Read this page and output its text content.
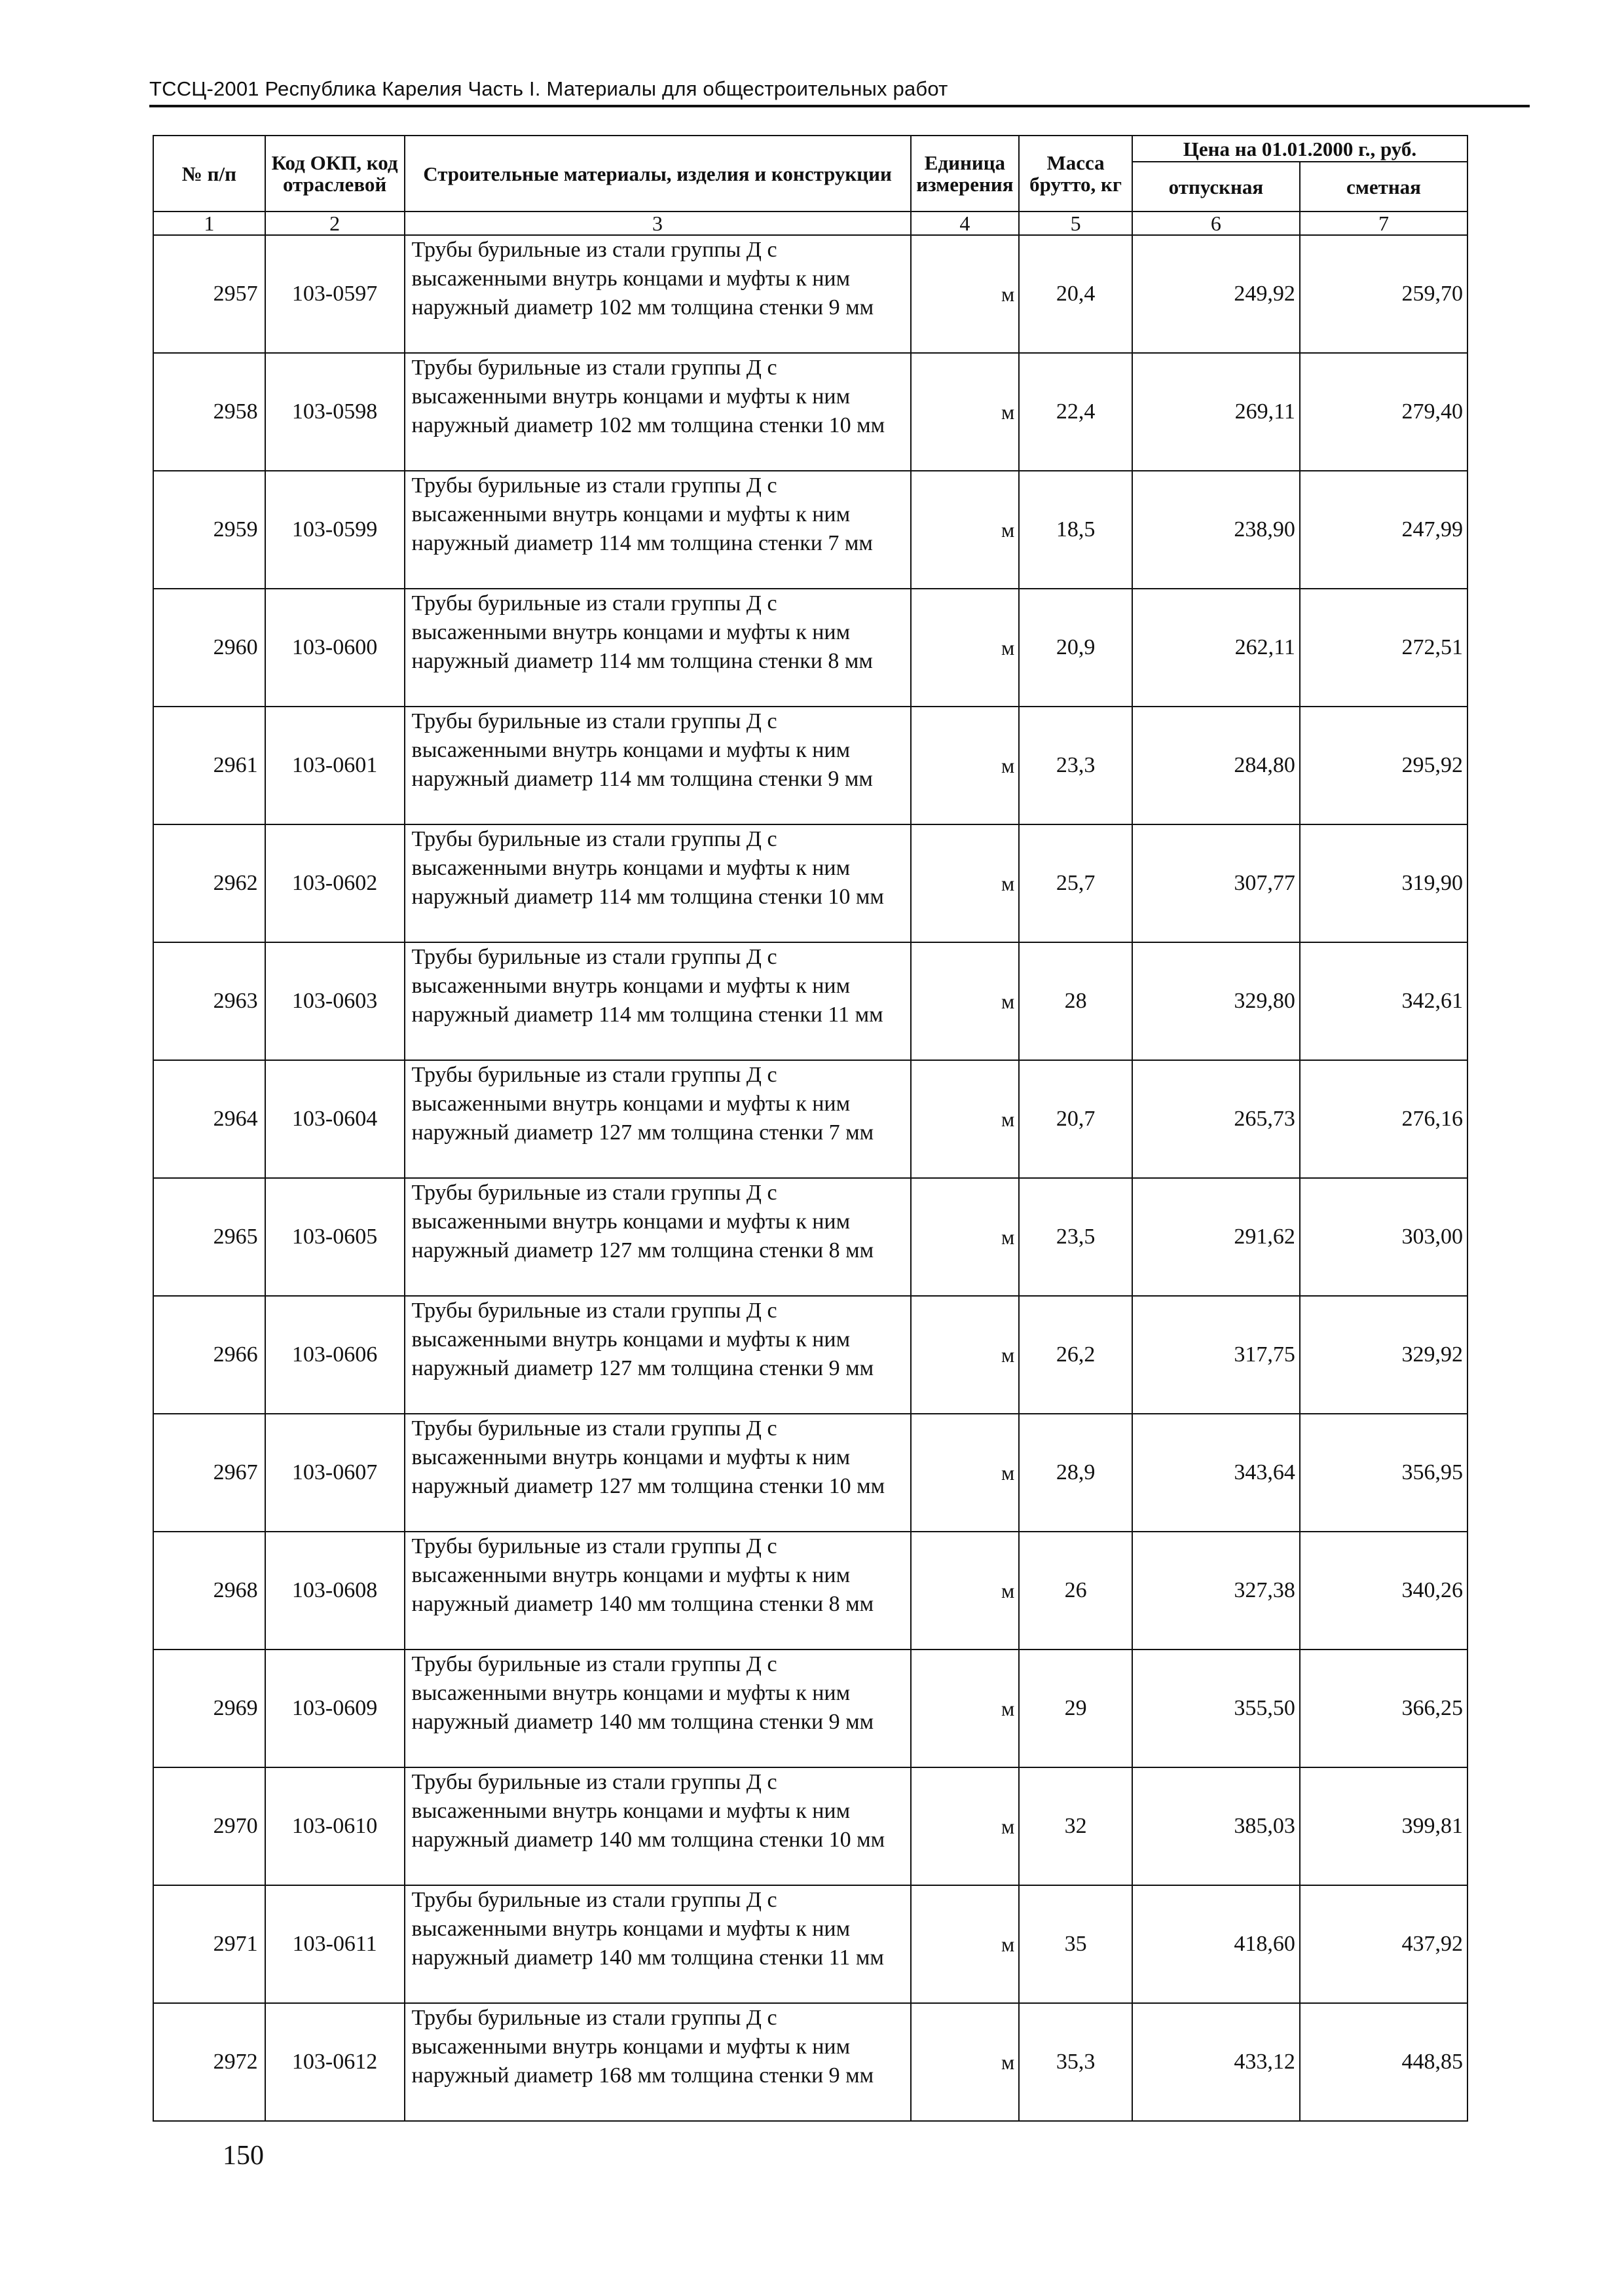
ТССЦ-2001 Республика Карелия Часть I. Материалы для общестроительных работ
№ п/п	Код ОКП, код отраслевой	Строительные материалы, изделия и конструкции	Единица измерения	Масса брутто, кг	Цена на 01.01.2000 г., руб.	
					отпускная	сметная
1	2	3	4	5	6	7
2957	103-0597	Трубы бурильные из стали группы Д с высаженными внутрь концами и муфты к ним наружный диаметр 102 мм толщина стенки 9 мм	м	20,4	249,92	259,70
2958	103-0598	Трубы бурильные из стали группы Д с высаженными внутрь концами и муфты к ним наружный диаметр 102 мм толщина стенки 10 мм	м	22,4	269,11	279,40
2959	103-0599	Трубы бурильные из стали группы Д с высаженными внутрь концами и муфты к ним наружный диаметр 114 мм толщина стенки 7 мм	м	18,5	238,90	247,99
2960	103-0600	Трубы бурильные из стали группы Д с высаженными внутрь концами и муфты к ним наружный диаметр 114 мм толщина стенки 8 мм	м	20,9	262,11	272,51
2961	103-0601	Трубы бурильные из стали группы Д с высаженными внутрь концами и муфты к ним наружный диаметр 114 мм толщина стенки 9 мм	м	23,3	284,80	295,92
2962	103-0602	Трубы бурильные из стали группы Д с высаженными внутрь концами и муфты к ним наружный диаметр 114 мм толщина стенки 10 мм	м	25,7	307,77	319,90
2963	103-0603	Трубы бурильные из стали группы Д с высаженными внутрь концами и муфты к ним наружный диаметр 114 мм толщина стенки 11 мм	м	28	329,80	342,61
2964	103-0604	Трубы бурильные из стали группы Д с высаженными внутрь концами и муфты к ним наружный диаметр 127 мм толщина стенки 7 мм	м	20,7	265,73	276,16
2965	103-0605	Трубы бурильные из стали группы Д с высаженными внутрь концами и муфты к ним наружный диаметр 127 мм толщина стенки 8 мм	м	23,5	291,62	303,00
2966	103-0606	Трубы бурильные из стали группы Д с высаженными внутрь концами и муфты к ним наружный диаметр 127 мм толщина стенки 9 мм	м	26,2	317,75	329,92
2967	103-0607	Трубы бурильные из стали группы Д с высаженными внутрь концами и муфты к ним наружный диаметр 127 мм толщина стенки 10 мм	м	28,9	343,64	356,95
2968	103-0608	Трубы бурильные из стали группы Д с высаженными внутрь концами и муфты к ним наружный диаметр 140 мм толщина стенки 8 мм	м	26	327,38	340,26
2969	103-0609	Трубы бурильные из стали группы Д с высаженными внутрь концами и муфты к ним наружный диаметр 140 мм толщина стенки 9 мм	м	29	355,50	366,25
2970	103-0610	Трубы бурильные из стали группы Д с высаженными внутрь концами и муфты к ним наружный диаметр 140 мм толщина стенки 10 мм	м	32	385,03	399,81
2971	103-0611	Трубы бурильные из стали группы Д с высаженными внутрь концами и муфты к ним наружный диаметр 140 мм толщина стенки 11 мм	м	35	418,60	437,92
2972	103-0612	Трубы бурильные из стали группы Д с высаженными внутрь концами и муфты к ним наружный диаметр 168 мм толщина стенки 9 мм	м	35,3	433,12	448,85
150
